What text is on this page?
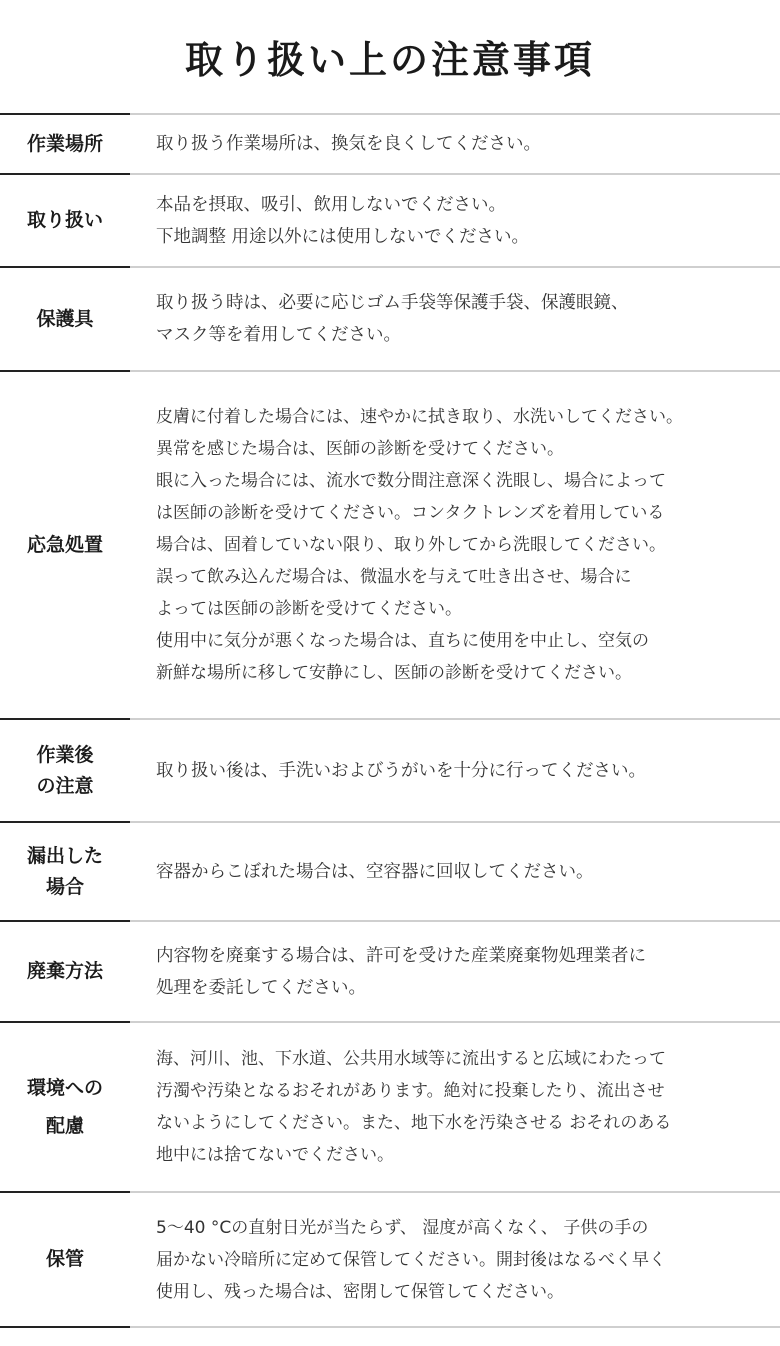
取り扱い上の注意事項
作業場所	取り扱う作業場所は、換気を良くしてください。
取り扱い
本品を摂取、吸引、飲用しないでください。
下地調整 用途以外には使用しないでください。
保護具
取り扱う時は、必要に応じゴム手袋等保護手袋、保護眼鏡、
マスク等を着用してください。
応急処置
皮膚に付着した場合には、速やかに拭き取り、水洗いしてください。
異常を感じた場合は、医師の診断を受けてください。
眼に入った場合には、流水で数分間注意深く洗眼し、場合によって
は医師の診断を受けてください。コンタクトレンズを着用している
場合は、固着していない限り、取り外してから洗眼してください。
誤って飲み込んだ場合は、微温水を与えて吐き出させ、場合に
よっては医師の診断を受けてください。
使用中に気分が悪くなった場合は、直ちに使用を中止し、空気の
新鮮な場所に移して安静にし、医師の診断を受けてください。
作業後
の注意
取り扱い後は、手洗いおよびうがいを十分に行ってください。
漏出した
場合
容器からこぼれた場合は、空容器に回収してください。
廃棄方法
内容物を廃棄する場合は、許可を受けた産業廃棄物処理業者に
処理を委託してください。
環境への
配慮
海、河川、池、下水道、公共用水域等に流出すると広域にわたって
汚濁や汚染となるおそれがあります。絶対に投棄したり、流出させ
ないようにしてください。また、地下水を汚染させる おそれのある
地中には捨てないでください。
保管
5～40 °Cの直射日光が当たらず、 湿度が高くなく、 子供の手の
届かない冷暗所に定めて保管してください。開封後はなるべく早く
使用し、残った場合は、密閉して保管してください。
